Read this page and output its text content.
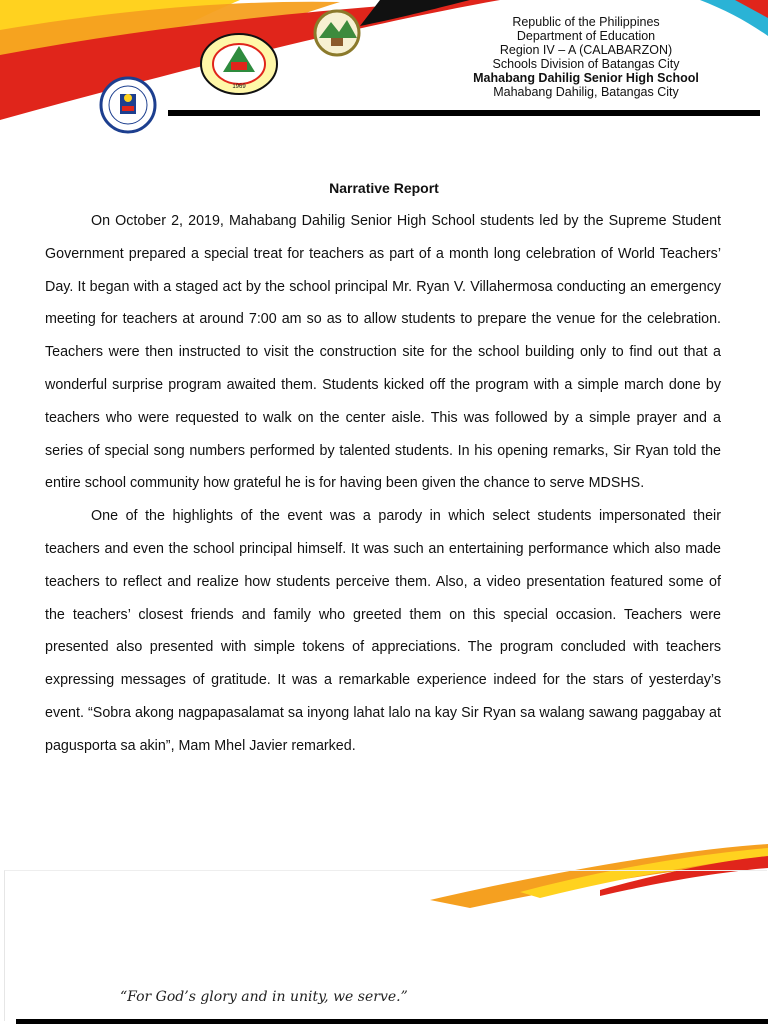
1969
Republic of the Philippines
Department of Education
Region IV – A (CALABARZON)
Schools Division of Batangas City
Mahabang Dahilig Senior High School
Mahabang Dahilig, Batangas City
Narrative Report

On October 2, 2019, Mahabang Dahilig Senior High School students led by the Supreme Student Government prepared a special treat for teachers as part of a month long celebration of World Teachers’ Day. It began with a staged act by the school principal Mr. Ryan V. Villahermosa conducting an emergency meeting for teachers at around 7:00 am so as to allow students to prepare the venue for the celebration. Teachers were then instructed to visit the construction site for the school building only to find out that a wonderful surprise program awaited them. Students kicked off the program with a simple march done by teachers who were requested to walk on the center aisle. This was followed by a simple prayer and a series of special song numbers performed by talented students. In his opening remarks, Sir Ryan told the entire school community how grateful he is for having been given the chance to serve MDSHS.

One of the highlights of the event was a parody in which select students impersonated their teachers and even the school principal himself. It was such an entertaining performance which also made teachers to reflect and realize how students perceive them. Also, a video presentation featured some of the teachers’ closest friends and family who greeted them on this special occasion. Teachers were presented also presented with simple tokens of appreciations. The program concluded with teachers expressing messages of gratitude. It was a remarkable experience indeed for the stars of yesterday’s event. “Sobra akong nagpapasalamat sa inyong lahat lalo na kay Sir Ryan sa walang sawang paggabay at pagusporta sa akin”, Mam Mhel Javier remarked.

“For God’s glory and in unity, we serve.”
